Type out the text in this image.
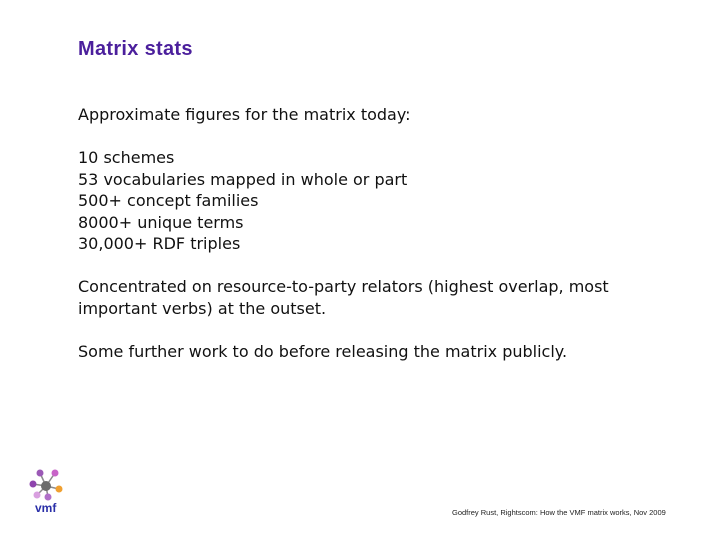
Matrix stats
Approximate figures for the matrix today:
10 schemes
53 vocabularies mapped in whole or part
500+ concept families
8000+ unique terms
30,000+ RDF triples
Concentrated on resource-to-party relators (highest overlap, most important verbs) at the outset.
Some further work to do before releasing the matrix publicly.
vmf	Godfrey Rust, Rightscom: How the VMF matrix works, Nov 2009
